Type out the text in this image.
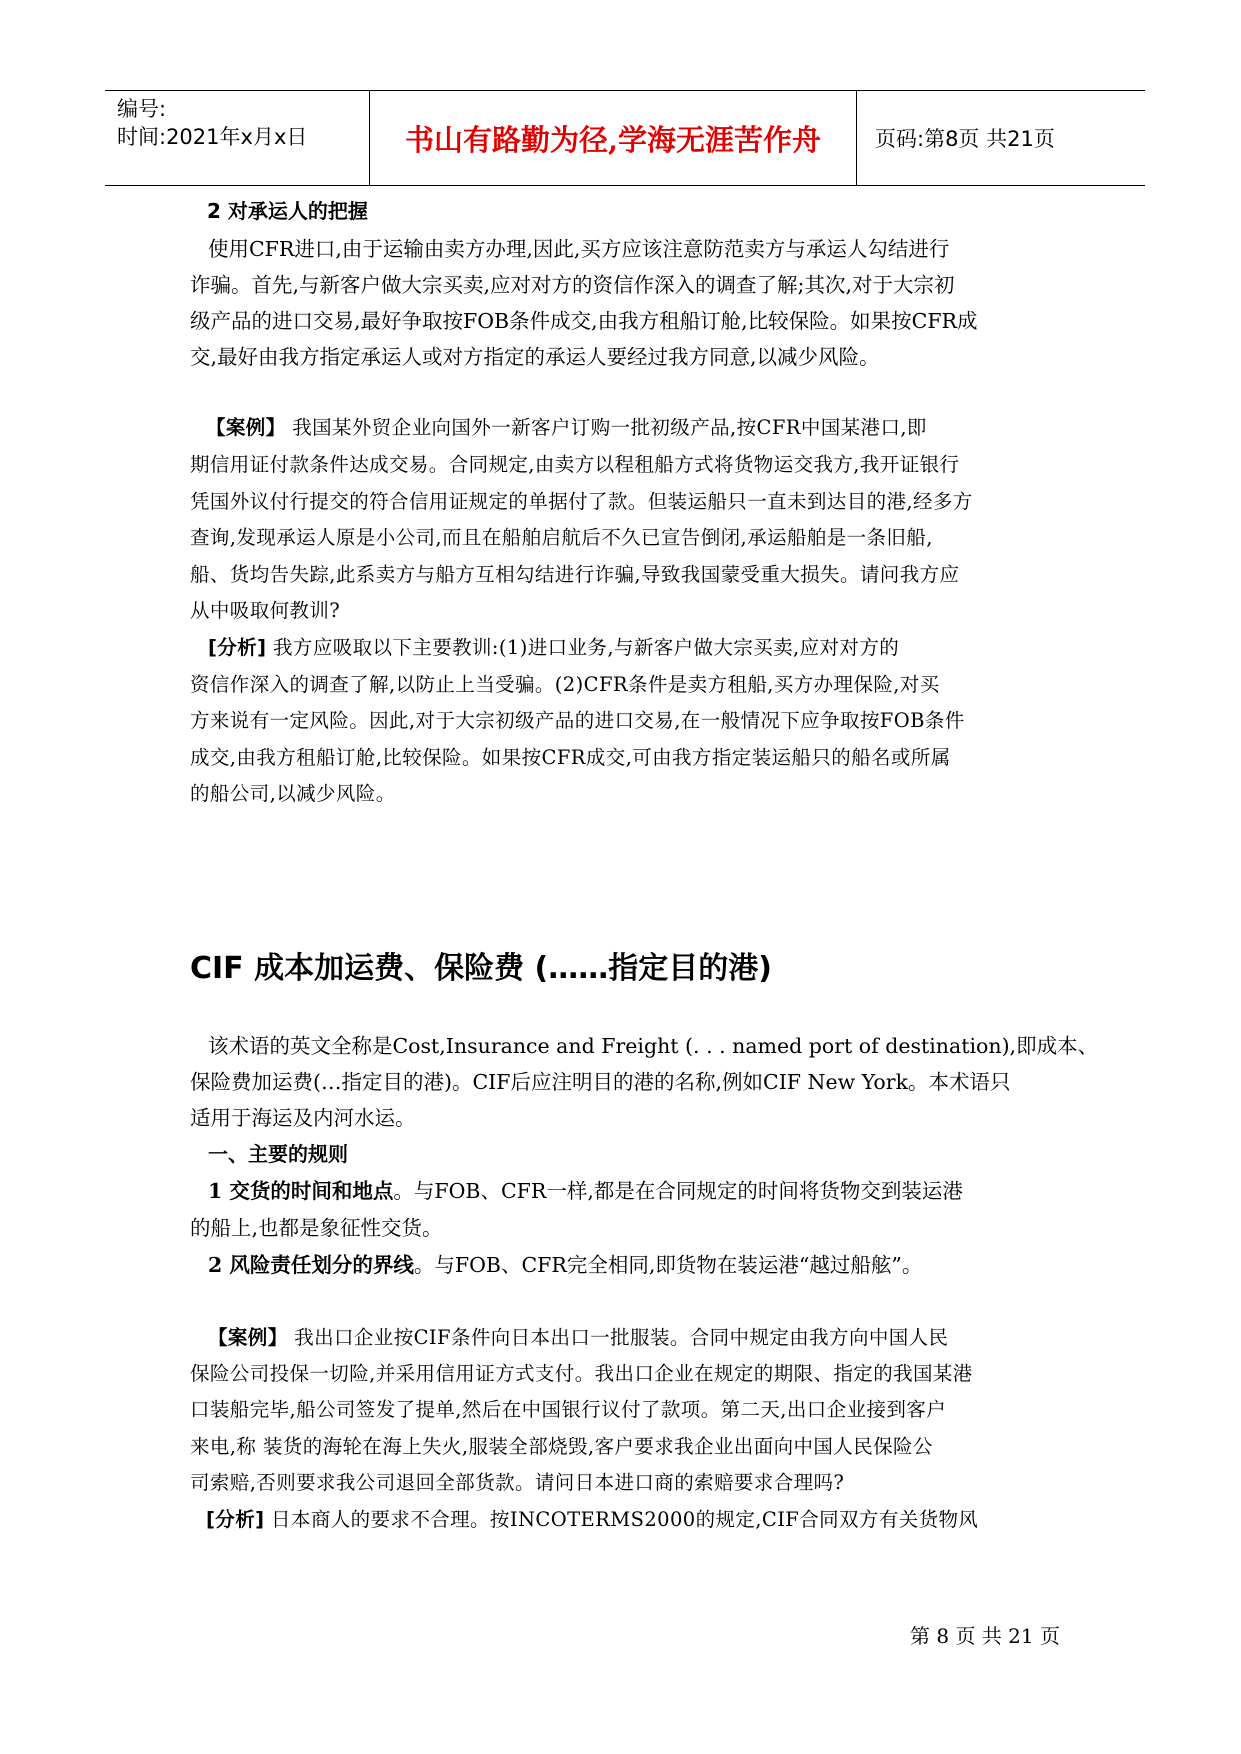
编号:
时间:2021年x月x日	书山有路勤为径,学海无涯苦作舟	页码:第8页 共21页
2 对承运人的把握
使用CFR进口,由于运输由卖方办理,因此,买方应该注意防范卖方与承运人勾结进行
诈骗。首先,与新客户做大宗买卖,应对对方的资信作深入的调查了解;其次,对于大宗初
级产品的进口交易,最好争取按FOB条件成交,由我方租船订舱,比较保险。如果按CFR成
交,最好由我方指定承运人或对方指定的承运人要经过我方同意,以减少风险。
【案例】 我国某外贸企业向国外一新客户订购一批初级产品,按CFR中国某港口,即
期信用证付款条件达成交易。合同规定,由卖方以程租船方式将货物运交我方,我开证银行
凭国外议付行提交的符合信用证规定的单据付了款。但装运船只一直未到达目的港,经多方
查询,发现承运人原是小公司,而且在船舶启航后不久已宣告倒闭,承运船舶是一条旧船,
船、货均告失踪,此系卖方与船方互相勾结进行诈骗,导致我国蒙受重大损失。请问我方应
从中吸取何教训?
[分析] 我方应吸取以下主要教训:(1)进口业务,与新客户做大宗买卖,应对对方的
资信作深入的调查了解,以防止上当受骗。(2)CFR条件是卖方租船,买方办理保险,对买
方来说有一定风险。因此,对于大宗初级产品的进口交易,在一般情况下应争取按FOB条件
成交,由我方租船订舱,比较保险。如果按CFR成交,可由我方指定装运船只的船名或所属
的船公司,以减少风险。
CIF 成本加运费、保险费 (……指定目的港)
该术语的英文全称是Cost,Insurance and Freight (. . . named port of destination),即成本、
保险费加运费(…指定目的港)。CIF后应注明目的港的名称,例如CIF New York。本术语只
适用于海运及内河水运。
一、主要的规则
1 交货的时间和地点。与FOB、CFR一样,都是在合同规定的时间将货物交到装运港
的船上,也都是象征性交货。
2 风险责任划分的界线。与FOB、CFR完全相同,即货物在装运港“越过船舷”。
【案例】 我出口企业按CIF条件向日本出口一批服装。合同中规定由我方向中国人民
保险公司投保一切险,并采用信用证方式支付。我出口企业在规定的期限、指定的我国某港
口装船完毕,船公司签发了提单,然后在中国银行议付了款项。第二天,出口企业接到客户
来电,称 装货的海轮在海上失火,服装全部烧毁,客户要求我企业出面向中国人民保险公
司索赔,否则要求我公司退回全部货款。请问日本进口商的索赔要求合理吗?
[分析] 日本商人的要求不合理。按INCOTERMS2000的规定,CIF合同双方有关货物风
第 8 页 共 21 页
